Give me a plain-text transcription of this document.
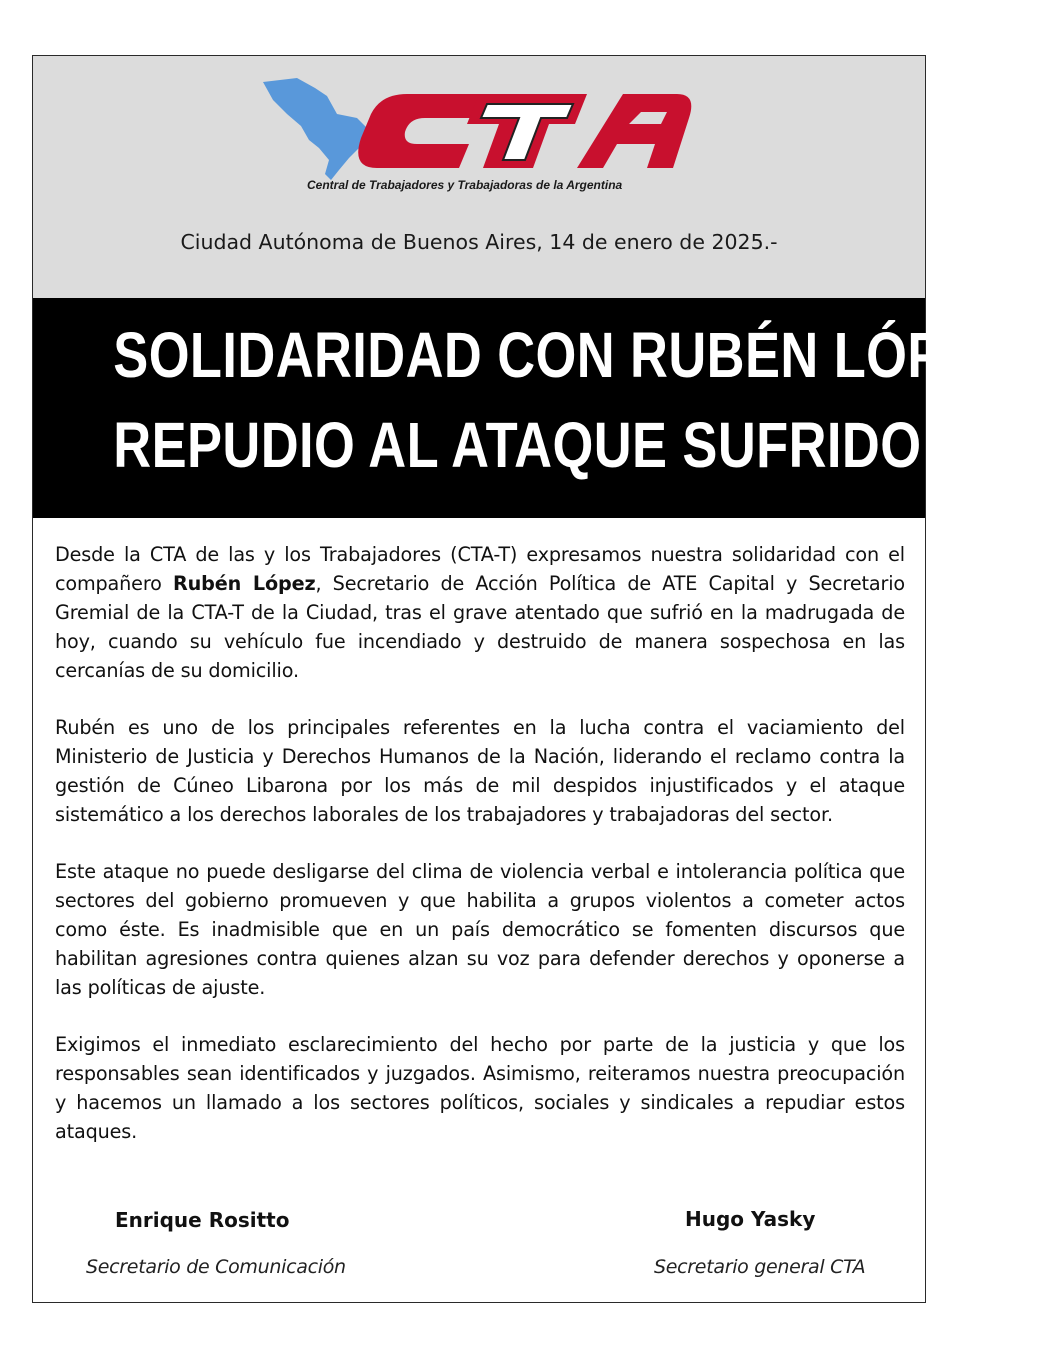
Central de Trabajadores y Trabajadoras de la Argentina
Ciudad Autónoma de Buenos Aires, 14 de enero de 2025.-
SOLIDARIDAD CON RUBÉN LÓPEZ Y
REPUDIO AL ATAQUE SUFRIDO

Desde la CTA de las y los Trabajadores (CTA-T) expresamos nuestra solidaridad con el compañero Rubén López, Secretario de Acción Política de ATE Capital y Secretario Gremial de la CTA-T de la Ciudad, tras el grave atentado que sufrió en la madrugada de hoy, cuando su vehículo fue incendiado y destruido de manera sospechosa en las cercanías de su domicilio.

Rubén es uno de los principales referentes en la lucha contra el vaciamiento del Ministerio de Justicia y Derechos Humanos de la Nación, liderando el reclamo contra la gestión de Cúneo Libarona por los más de mil despidos injustificados y el ataque sistemático a los derechos laborales de los trabajadores y trabajadoras del sector.

Este ataque no puede desligarse del clima de violencia verbal e intolerancia política que sectores del gobierno promueven y que habilita a grupos violentos a cometer actos como éste. Es inadmisible que en un país democrático se fomenten discursos que habilitan agresiones contra quienes alzan su voz para defender derechos y oponerse a las políticas de ajuste.

Exigimos el inmediato esclarecimiento del hecho por parte de la justicia y que los responsables sean identificados y juzgados. Asimismo, reiteramos nuestra preocupación y hacemos un llamado a los sectores políticos, sociales y sindicales a repudiar estos ataques.

Enrique Rositto
Secretario de Comunicación
Hugo Yasky
Secretario general CTA
